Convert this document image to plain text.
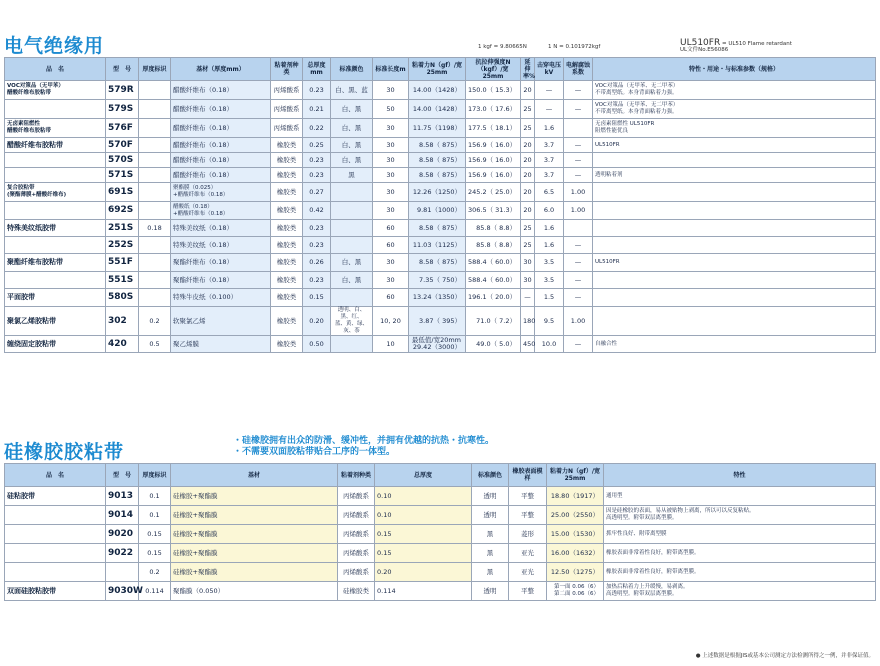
电气绝缘用	1 kgf = 9.80665N	1 N = 0.101972kgf	UL510FR = UL510 Flame retardant
UL文件No.E56086
品　名	型　号	厚度标识	基材（厚度mm）	粘着剂种类	总厚度mm	标准颜色	标准长度m	粘着力N（gf）/宽25mm	抗拉伸强度N（kgf）/宽25mm	延伸率%	击穿电压kV	电解腐蚀系数	特性・用途・与标准参数（规格）
VOC对策品（无甲苯）
醋酸纤维布胶粘带	579R		醋酸纤维布（0.18）	丙烯酸系	0.23	白、黑、蓝	30	14.00（1428）	150.0（ 15.3）	20	—	—	VOC对策品（无甲苯、无二甲苯）
不带离型纸。本身背面粘着力强。
	579S		醋酸纤维布（0.18）	丙烯酸系	0.21	白、黑	50	14.00（1428）	173.0（ 17.6）	25	—	—	VOC对策品（无甲苯、无二甲苯）
不带离型纸。本身背面粘着力强。
无卤素阻燃性
醋酸纤维布胶粘带	576F		醋酸纤维布（0.18）	丙烯酸系	0.22	白、黑	30	11.75（1198）	177.5（ 18.1）	25	1.6		无卤素阻燃性 UL510FR
阻燃性能优良
醋酸纤维布胶粘带	570F		醋酸纤维布（0.18）	橡胶类	0.25	白、黑	30	8.58（ 875）	156.9（ 16.0）	20	3.7	—	UL510FR
	570S		醋酸纤维布（0.18）	橡胶类	0.23	白、黑	30	8.58（ 875）	156.9（ 16.0）	20	3.7	—	
	571S		醋酸纤维布（0.18）	橡胶类	0.23	黑	30	8.58（ 875）	156.9（ 16.0）	20	3.7	—	透明粘着剂
复合胶粘带
(聚酯薄膜+醋酸纤维布)	691S		聚酯膜（0.025）
+醋酸纤维布（0.18）	橡胶类	0.27		30	12.26（1250）	245.2（ 25.0）	20	6.5	1.00	
	692S		醋酸纸（0.18）
+醋酸纤维布（0.18）	橡胶类	0.42		30	9.81（1000）	306.5（ 31.3）	20	6.0	1.00	
特殊美纹纸胶带	251S	0.18	特殊美纹纸（0.18）	橡胶类	0.23		60	8.58（ 875）	85.8（ 8.8）	25	1.6		
	252S		特殊美纹纸（0.18）	橡胶类	0.23		60	11.03（1125）	85.8（ 8.8）	25	1.6	—	
聚酯纤维布胶粘带	551F		聚酯纤维布（0.18）	橡胶类	0.26	白、黑	30	8.58（ 875）	588.4（ 60.0）	30	3.5	—	UL510FR
	551S		聚酯纤维布（0.18）	橡胶类	0.23	白、黑	30	7.35（ 750）	588.4（ 60.0）	30	3.5	—	
平面胶带	580S		特殊牛皮纸（0.100）	橡胶类	0.15		60	13.24（1350）	196.1（ 20.0）	—	1.5	—	
聚氯乙烯胶粘带	302	0.2	软聚氯乙烯	橡胶类	0.20	透明、白、黑、红、
蓝、黄、绿、灰、茶	10, 20	3.87（ 395）	71.0（ 7.2）	180	9.5	1.00	
缠绕固定胶粘带	420	0.5	聚乙烯膜	橡胶类	0.50		10	最低值/宽20mm
29.42（3000）	49.0（ 5.0）	450	10.0	—	自融合性
硅橡胶胶粘带	・硅橡胶拥有出众的防滑、缓冲性，并拥有优越的抗热・抗寒性。
・不需要双面胶粘带贴合工序的一体型。
品　名	型　号	厚度标识	基材	粘着剂种类	总厚度	标准颜色	橡胶表面模样	粘着力N（gf）/宽25mm	特性
硅粘胶带	9013	0.1	硅橡胶+聚酯膜	丙烯酸系	0.10	透明	平整	18.80（1917）	通用型
	9014	0.1	硅橡胶+聚酯膜	丙烯酸系	0.10	透明	平整	25.00（2550）	因是硅橡胶的表面，易从被贴物上剥离，所以可以反复粘贴。
高透明型。附带双层离型膜。
	9020	0.15	硅橡胶+聚酯膜	丙烯酸系	0.15	黑	菱形	15.00（1530）	抓牢性良好、附带离型膜
	9022	0.15	硅橡胶+聚酯膜	丙烯酸系	0.15	黑	亚光	16.00（1632）	橡胶表面非常着性良好，附带离型膜。
		0.2	硅橡胶+聚酯膜	丙烯酸系	0.20	黑	亚光	12.50（1275）	橡胶表面非常着性良好，附带离型膜。
双面硅胶粘胶带	9030W	0.114	聚酯膜（0.050）	硅橡胶类	0.114	透明	平整	第一面 0.06（6）
第二面 0.06（6）	加热后粘着力上升缓慢，易剥离。
高透明型。附带双层离型膜。
● 上述数据是根据JIS或基本公司测定方法检测所得之一例，并非保证值。
